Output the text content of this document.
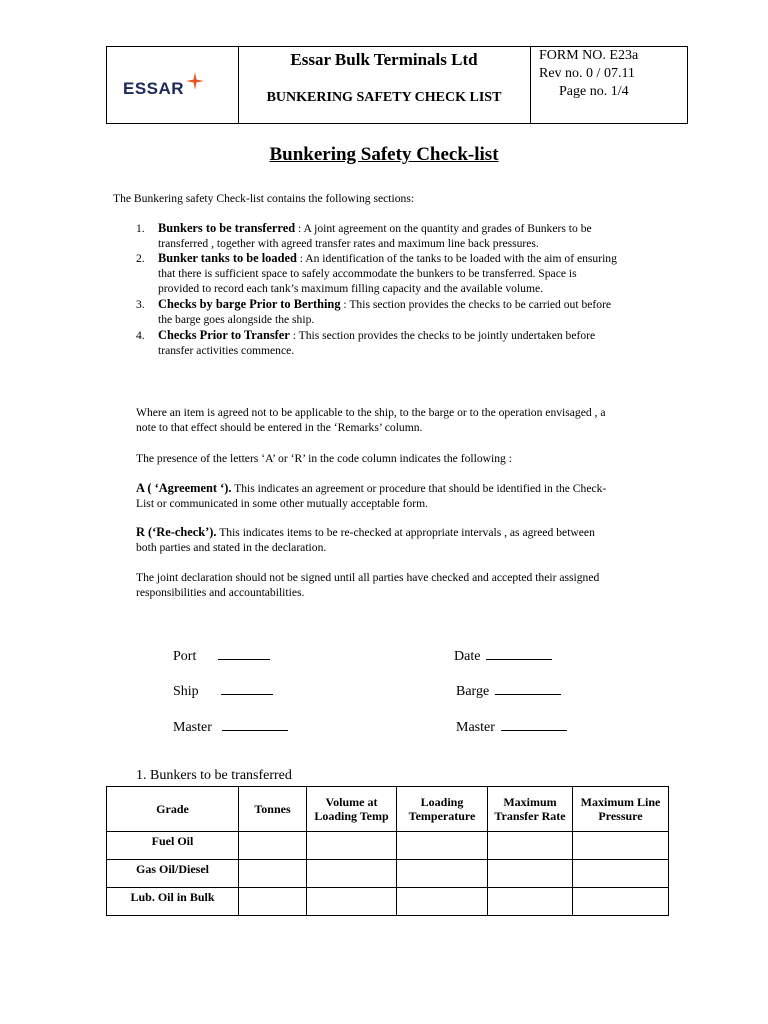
ESSAR
Essar Bulk Terminals Ltd
BUNKERING SAFETY CHECK LIST
FORM NO. E23a
Rev no. 0 / 07.11
Page no. 1/4
Bunkering Safety Check-list
The Bunkering safety Check-list contains the following sections:
1. Bunkers to be transferred : A joint agreement on the quantity and grades of Bunkers to be
transferred , together with agreed transfer rates and maximum line back pressures.
2. Bunker tanks to be loaded : An identification of the tanks to be loaded with the aim of ensuring
that there is sufficient space to safely accommodate the bunkers to be transferred. Space is
provided to record each tank’s maximum filling capacity and the available volume.
3. Checks by barge Prior to Berthing : This section provides the checks to be carried out before
the barge goes alongside the ship.
4. Checks Prior to Transfer : This section provides the checks to be jointly undertaken before
transfer activities commence.
Where an item is agreed not to be applicable to the ship, to the barge or to the operation envisaged , a
note to that effect should be entered in the ‘Remarks’ column.
The presence of the letters ‘A’ or ‘R’ in the code column indicates the following :
A ( ‘Agreement ‘). This indicates an agreement or procedure that should be identified in the Check-
List or communicated in some other mutually acceptable form.
R (‘Re-check’). This indicates items to be re-checked at appropriate intervals , as agreed between
both parties and stated in the declaration.
The joint declaration should not be signed until all parties have checked and accepted their assigned
responsibilities and accountabilities.
Port	Date
Ship	Barge
Master	Master
1. Bunkers to be transferred
Grade	Tonnes	Volume at Loading Temp	Loading Temperature	Maximum Transfer Rate	Maximum Line Pressure
Fuel Oil					
Gas Oil/Diesel					
Lub. Oil in Bulk					
